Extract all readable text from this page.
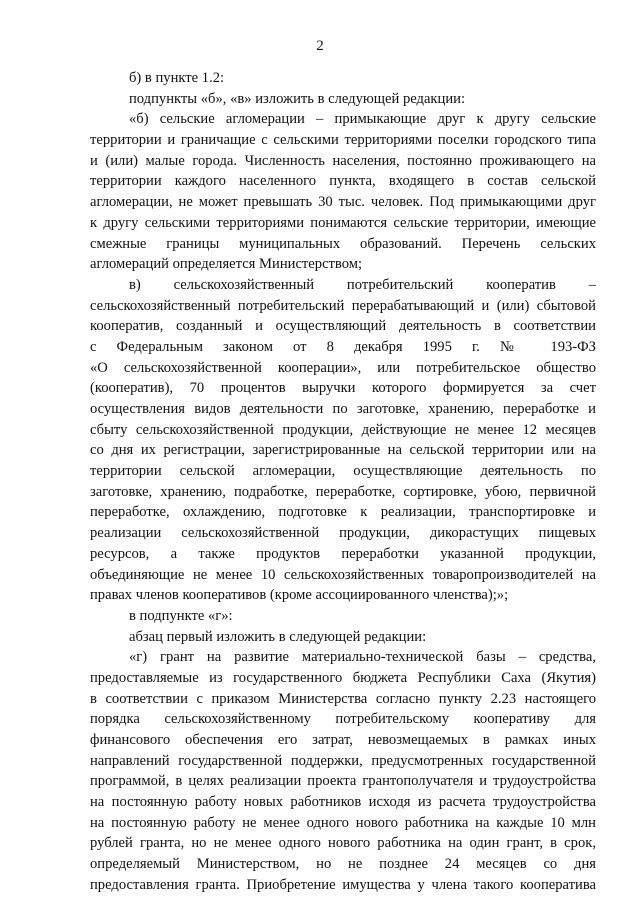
2
б) в пункте 1.2:
подпункты «б», «в» изложить в следующей редакции:
«б) сельские агломерации – примыкающие друг к другу сельские
территории и граничащие с сельскими территориями поселки городского типа
и (или) малые города. Численность населения, постоянно проживающего на
территории каждого населенного пункта, входящего в состав сельской
агломерации, не может превышать 30 тыс. человек. Под примыкающими друг
к другу сельскими территориями понимаются сельские территории, имеющие
смежные границы муниципальных образований. Перечень сельских
агломераций определяется Министерством;
в) сельскохозяйственный потребительский кооператив –
сельскохозяйственный потребительский перерабатывающий и (или) сбытовой
кооператив, созданный и осуществляющий деятельность в соответствии
с Федеральным законом от 8 декабря 1995 г. № 193-ФЗ
«О сельскохозяйственной кооперации», или потребительское общество
(кооператив), 70 процентов выручки которого формируется за счет
осуществления видов деятельности по заготовке, хранению, переработке и
сбыту сельскохозяйственной продукции, действующие не менее 12 месяцев
со дня их регистрации, зарегистрированные на сельской территории или на
территории сельской агломерации, осуществляющие деятельность по
заготовке, хранению, подработке, переработке, сортировке, убою, первичной
переработке, охлаждению, подготовке к реализации, транспортировке и
реализации сельскохозяйственной продукции, дикорастущих пищевых
ресурсов, а также продуктов переработки указанной продукции,
объединяющие не менее 10 сельскохозяйственных товаропроизводителей на
правах членов кооперативов (кроме ассоциированного членства);»;
в подпункте «г»:
абзац первый изложить в следующей редакции:
«г) грант на развитие материально-технической базы – средства,
предоставляемые из государственного бюджета Республики Саха (Якутия)
в соответствии с приказом Министерства согласно пункту 2.23 настоящего
порядка сельскохозяйственному потребительскому кооперативу для
финансового обеспечения его затрат, невозмещаемых в рамках иных
направлений государственной поддержки, предусмотренных государственной
программой, в целях реализации проекта грантополучателя и трудоустройства
на постоянную работу новых работников исходя из расчета трудоустройства
на постоянную работу не менее одного нового работника на каждые 10 млн
рублей гранта, но не менее одного нового работника на один грант, в срок,
определяемый Министерством, но не позднее 24 месяцев со дня
предоставления гранта. Приобретение имущества у члена такого кооператива
